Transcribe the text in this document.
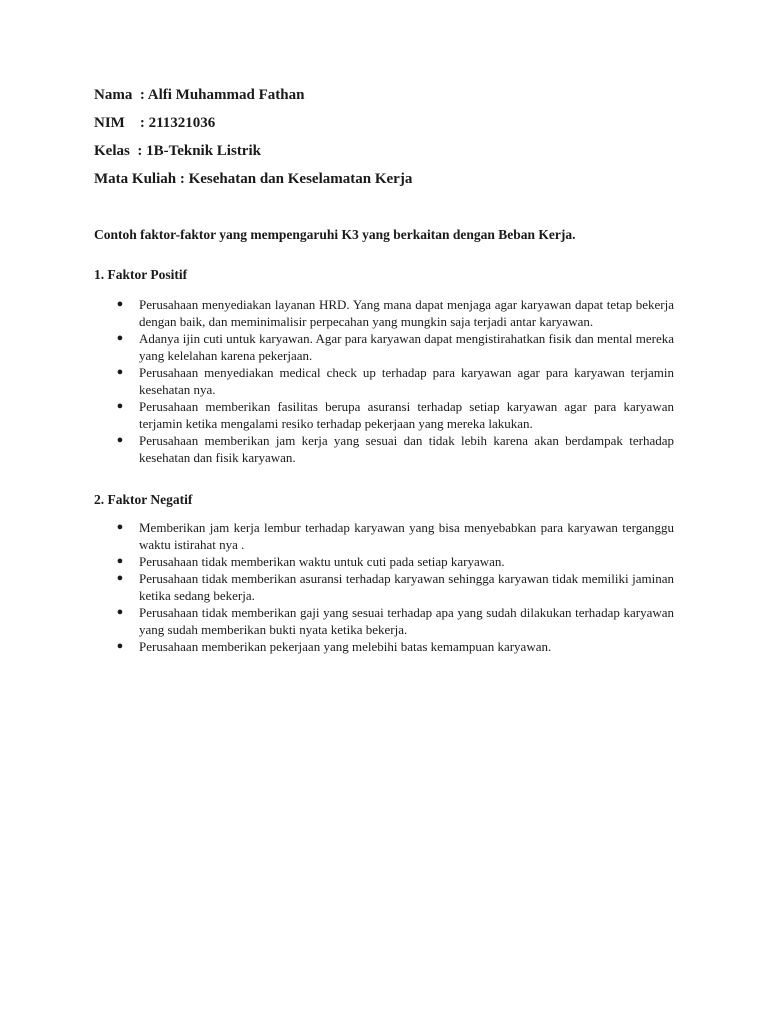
Nama  : Alfi Muhammad Fathan
NIM    : 211321036
Kelas  : 1B-Teknik Listrik
Mata Kuliah : Kesehatan dan Keselamatan Kerja
Contoh faktor-faktor yang mempengaruhi K3 yang berkaitan dengan Beban Kerja.
1. Faktor Positif
● Perusahaan menyediakan layanan HRD. Yang mana dapat menjaga agar karyawan dapat tetap bekerja dengan baik, dan meminimalisir perpecahan yang mungkin saja terjadi antar karyawan.
● Adanya ijin cuti untuk karyawan. Agar para karyawan dapat mengistirahatkan fisik dan mental mereka yang kelelahan karena pekerjaan.
● Perusahaan menyediakan medical check up terhadap para karyawan agar para karyawan terjamin kesehatan nya.
● Perusahaan memberikan fasilitas berupa asuransi terhadap setiap karyawan agar para karyawan terjamin ketika mengalami resiko terhadap pekerjaan yang mereka lakukan.
● Perusahaan memberikan jam kerja yang sesuai dan tidak lebih karena akan berdampak terhadap kesehatan dan fisik karyawan.
2. Faktor Negatif
● Memberikan jam kerja lembur terhadap karyawan yang bisa menyebabkan para karyawan terganggu waktu istirahat nya .
● Perusahaan tidak memberikan waktu untuk cuti pada setiap karyawan.
● Perusahaan tidak memberikan asuransi terhadap karyawan sehingga karyawan tidak memiliki jaminan ketika sedang bekerja.
● Perusahaan tidak memberikan gaji yang sesuai terhadap apa yang sudah dilakukan terhadap karyawan yang sudah memberikan bukti nyata ketika bekerja.
● Perusahaan memberikan pekerjaan yang melebihi batas kemampuan karyawan.
